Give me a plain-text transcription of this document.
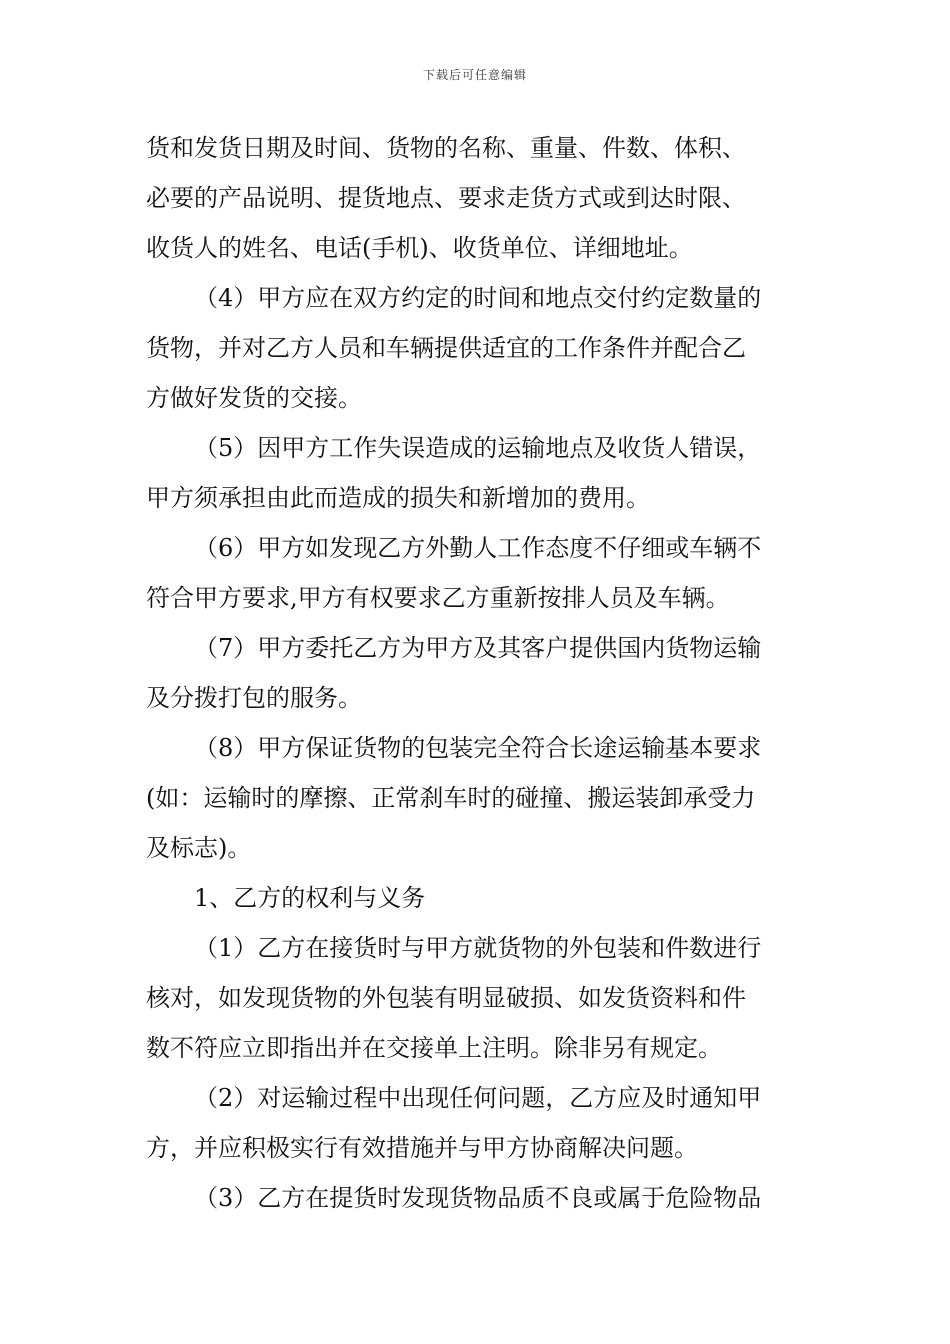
下载后可任意编辑
货和发货日期及时间、货物的名称、重量、件数、体积、
必要的产品说明、提货地点、要求走货方式或到达时限、
收货人的姓名、电话(手机)、收货单位、详细地址。
（4）甲方应在双方约定的时间和地点交付约定数量的
货物，并对乙方人员和车辆提供适宜的工作条件并配合乙
方做好发货的交接。
（5）因甲方工作失误造成的运输地点及收货人错误，
甲方须承担由此而造成的损失和新增加的费用。
（6）甲方如发现乙方外勤人工作态度不仔细或车辆不
符合甲方要求,甲方有权要求乙方重新按排人员及车辆。
（7）甲方委托乙方为甲方及其客户提供国内货物运输
及分拨打包的服务。
（8）甲方保证货物的包装完全符合长途运输基本要求
(如：运输时的摩擦、正常刹车时的碰撞、搬运装卸承受力
及标志)。
1、乙方的权利与义务
（1）乙方在接货时与甲方就货物的外包装和件数进行
核对，如发现货物的外包装有明显破损、如发货资料和件
数不符应立即指出并在交接单上注明。除非另有规定。
（2）对运输过程中出现任何问题，乙方应及时通知甲
方，并应积极实行有效措施并与甲方协商解决问题。
（3）乙方在提货时发现货物品质不良或属于危险物品
